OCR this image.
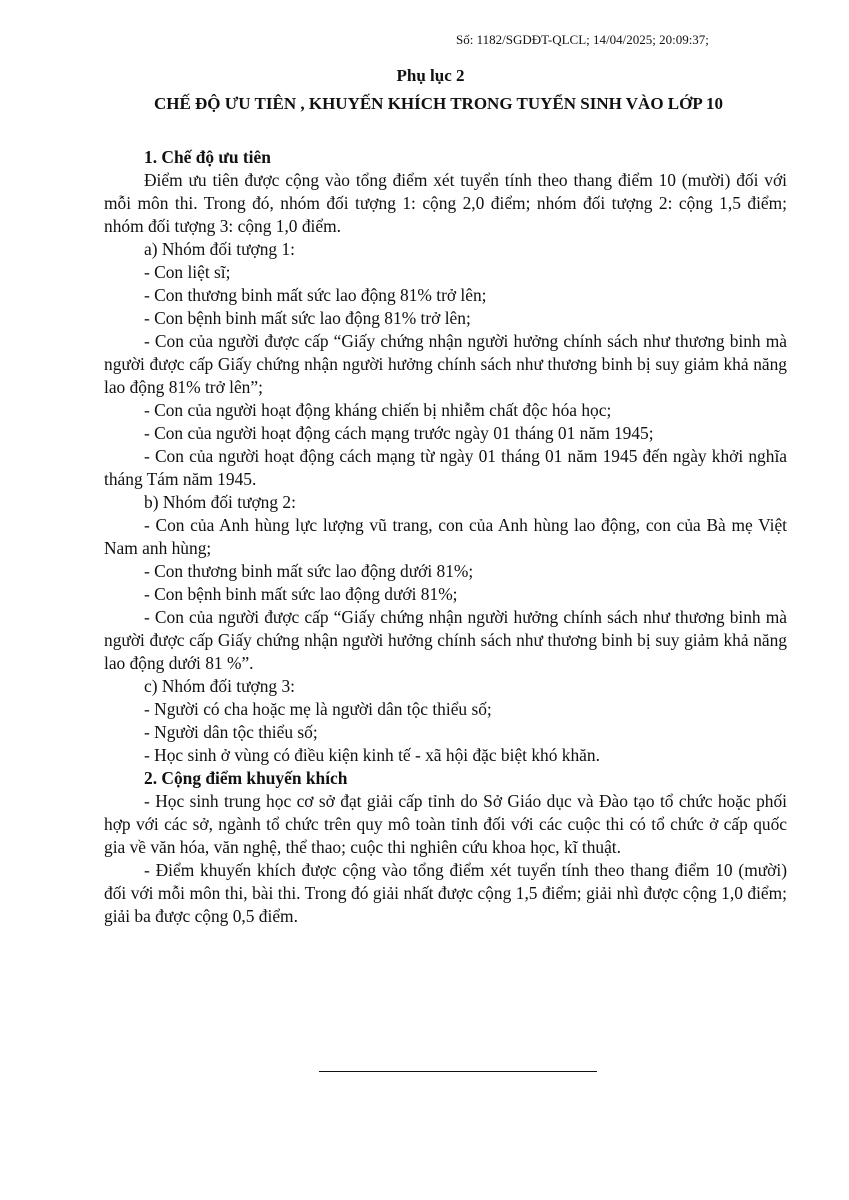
Số: 1182/SGDĐT-QLCL; 14/04/2025; 20:09:37;
Phụ lục 2
CHẾ ĐỘ ƯU TIÊN , KHUYẾN KHÍCH TRONG TUYỂN SINH VÀO LỚP 10

1. Chế độ ưu tiên

Điểm ưu tiên được cộng vào tổng điểm xét tuyển tính theo thang điểm 10 (mười) đối với mỗi môn thi. Trong đó, nhóm đối tượng 1: cộng 2,0 điểm; nhóm đối tượng 2: cộng 1,5 điểm; nhóm đối tượng 3: cộng 1,0 điểm.

a) Nhóm đối tượng 1:

- Con liệt sĩ;

- Con thương binh mất sức lao động 81% trở lên;

- Con bệnh binh mất sức lao động 81% trở lên;

- Con của người được cấp “Giấy chứng nhận người hưởng chính sách như thương binh mà người được cấp Giấy chứng nhận người hưởng chính sách như thương binh bị suy giảm khả năng lao động 81% trở lên”;

- Con của người hoạt động kháng chiến bị nhiễm chất độc hóa học;

- Con của người hoạt động cách mạng trước ngày 01 tháng 01 năm 1945;

- Con của người hoạt động cách mạng từ ngày 01 tháng 01 năm 1945 đến ngày khởi nghĩa tháng Tám năm 1945.

b) Nhóm đối tượng 2:

- Con của Anh hùng lực lượng vũ trang, con của Anh hùng lao động, con của Bà mẹ Việt Nam anh hùng;

- Con thương binh mất sức lao động dưới 81%;

- Con bệnh binh mất sức lao động dưới 81%;

- Con của người được cấp “Giấy chứng nhận người hưởng chính sách như thương binh mà người được cấp Giấy chứng nhận người hưởng chính sách như thương binh bị suy giảm khả năng lao động dưới 81 %”.

c) Nhóm đối tượng 3:

- Người có cha hoặc mẹ là người dân tộc thiểu số;

- Người dân tộc thiểu số;

- Học sinh ở vùng có điều kiện kinh tế - xã hội đặc biệt khó khăn.

2. Cộng điểm khuyến khích

- Học sinh trung học cơ sở đạt giải cấp tỉnh do Sở Giáo dục và Đào tạo tổ chức hoặc phối hợp với các sở, ngành tổ chức trên quy mô toàn tỉnh đối với các cuộc thi có tổ chức ở cấp quốc gia về văn hóa, văn nghệ, thể thao; cuộc thi nghiên cứu khoa học, kĩ thuật.

- Điểm khuyến khích được cộng vào tổng điểm xét tuyển tính theo thang điểm 10 (mười) đối với mỗi môn thi, bài thi. Trong đó giải nhất được cộng 1,5 điểm; giải nhì được cộng 1,0 điểm; giải ba được cộng 0,5 điểm.
